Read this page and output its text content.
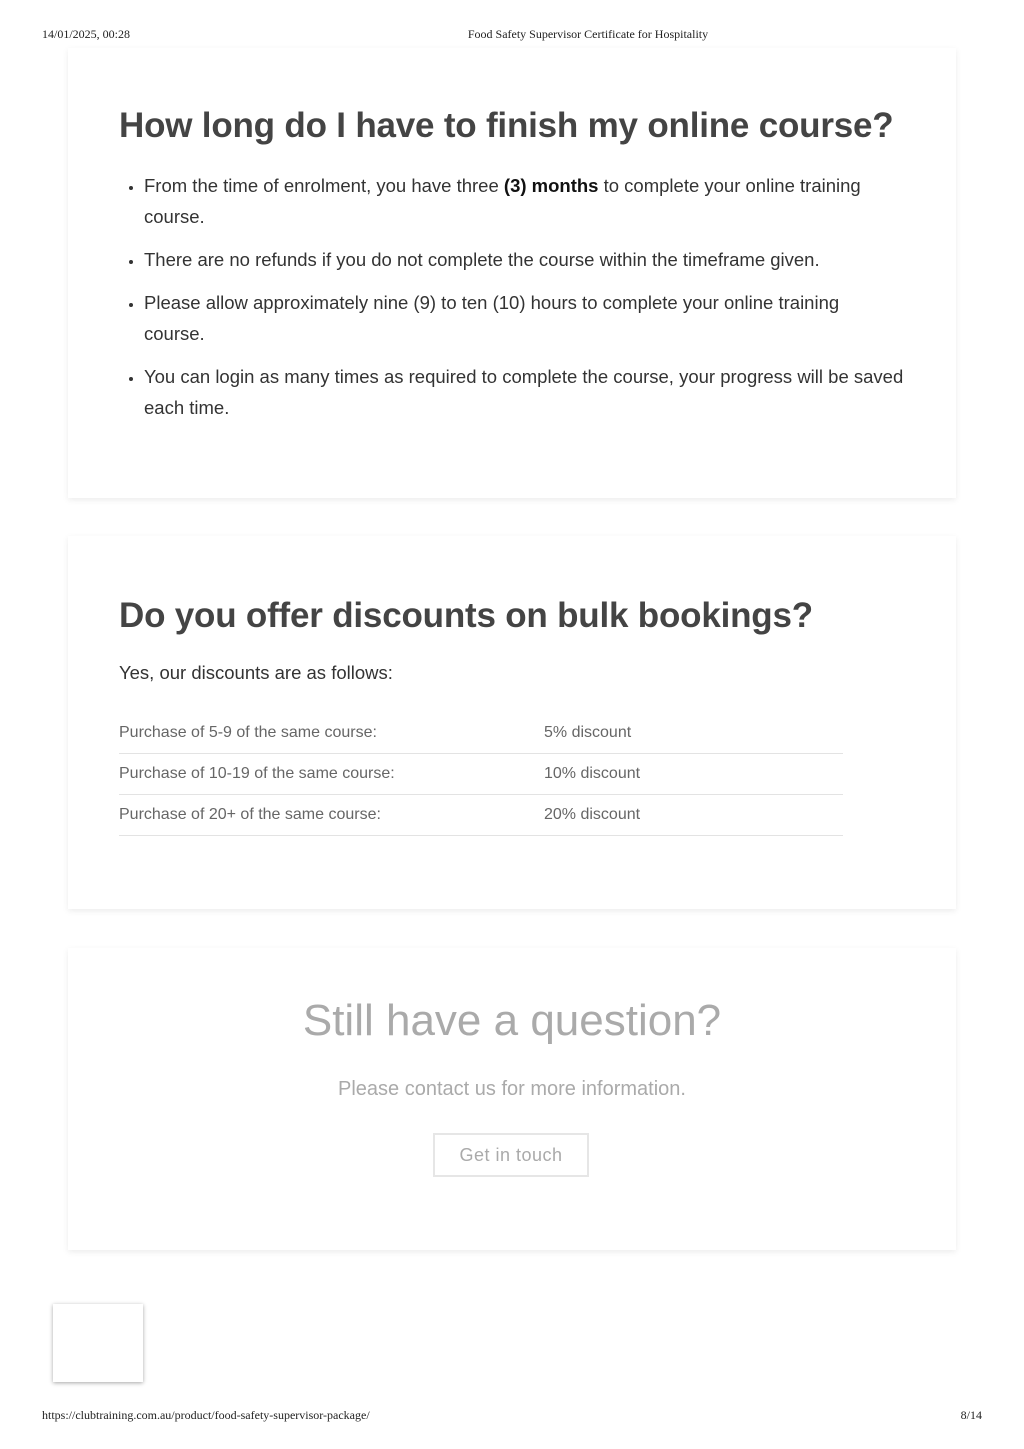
14/01/2025, 00:28	Food Safety Supervisor Certificate for Hospitality
How long do I have to finish my online course?
• From the time of enrolment, you have three (3) months to complete your online training course.
• There are no refunds if you do not complete the course within the timeframe given.
• Please allow approximately nine (9) to ten (10) hours to complete your online training course.
• You can login as many times as required to complete the course, your progress will be saved each time.
Do you offer discounts on bulk bookings?
Yes, our discounts are as follows:
Purchase of 5-9 of the same course:	5% discount
Purchase of 10-19 of the same course:	10% discount
Purchase of 20+ of the same course:	20% discount
Still have a question?
Please contact us for more information.
Get in touch
https://clubtraining.com.au/product/food-safety-supervisor-package/	8/14
